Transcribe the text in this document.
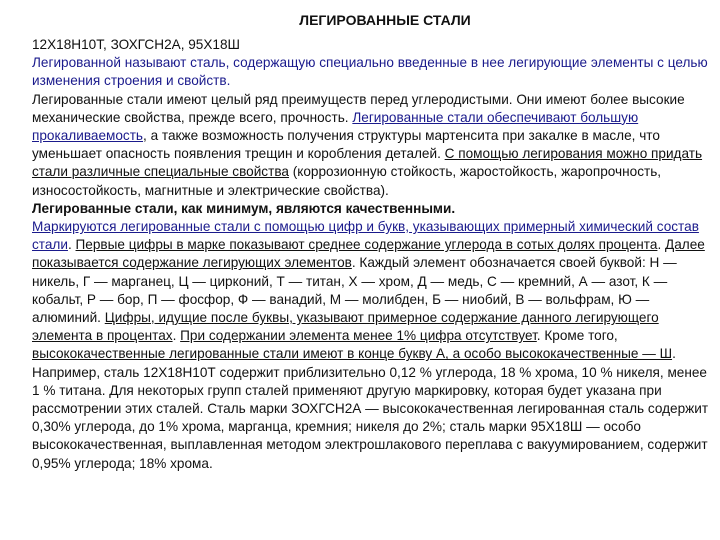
ЛЕГИРОВАННЫЕ СТАЛИ

12Х18Н10Т, ЗОХГСН2А, 95Х18Ш

Легированной называют сталь, содержащую специально введенные в нее легирующие элементы с целью изменения строения и свойств.

Легированные стали имеют целый ряд преимуществ перед углеродистыми. Они имеют более высокие механические свойства, прежде всего, прочность. Легированные стали обеспечивают большую прокаливаемость, а также возможность получения структуры мартенсита при закалке в масле, что уменьшает опасность появления трещин и коробления деталей. С помощью легирования можно придать стали различные специальные свойства (коррозионную стойкость, жаростойкость, жаропрочность, износостойкость, магнитные и электрические свойства).

Легированные стали, как минимум, являются качественными.

Маркируются легированные стали с помощью цифр и букв, указывающих примерный химический состав стали. Первые цифры в марке показывают среднее содержание углерода в сотых долях процента. Далее показывается содержание легирующих элементов. Каждый элемент обозначается своей буквой: Н — никель, Г — марганец, Ц — цирконий, Т — титан, Х — хром, Д — медь, С — кремний, А — азот, К — кобальт, Р — бор, П — фосфор, Ф — ванадий, М — молибден, Б — ниобий, В — вольфрам, Ю — алюминий. Цифры, идущие после буквы, указывают примерное содержание данного легирующего элемента в процентах. При содержании элемента менее 1% цифра отсутствует. Кроме того, высококачественные легированные стали имеют в конце букву А, а особо высококачественные — Ш. Например, сталь 12Х18Н10Т содержит приблизительно 0,12 % углерода, 18 % хрома, 10 % никеля, менее 1 % титана. Для некоторых групп сталей применяют другую маркировку, которая будет указана при рассмотрении этих сталей. Сталь марки ЗОХГСН2А — высококачественная легированная сталь содержит 0,30% углерода, до 1% хрома, марганца, кремния; никеля до 2%; сталь марки 95Х18Ш — особо высококачественная, выплавленная методом электрошлакового переплава с вакуумированием, содержит 0,95% углерода; 18% хрома.
